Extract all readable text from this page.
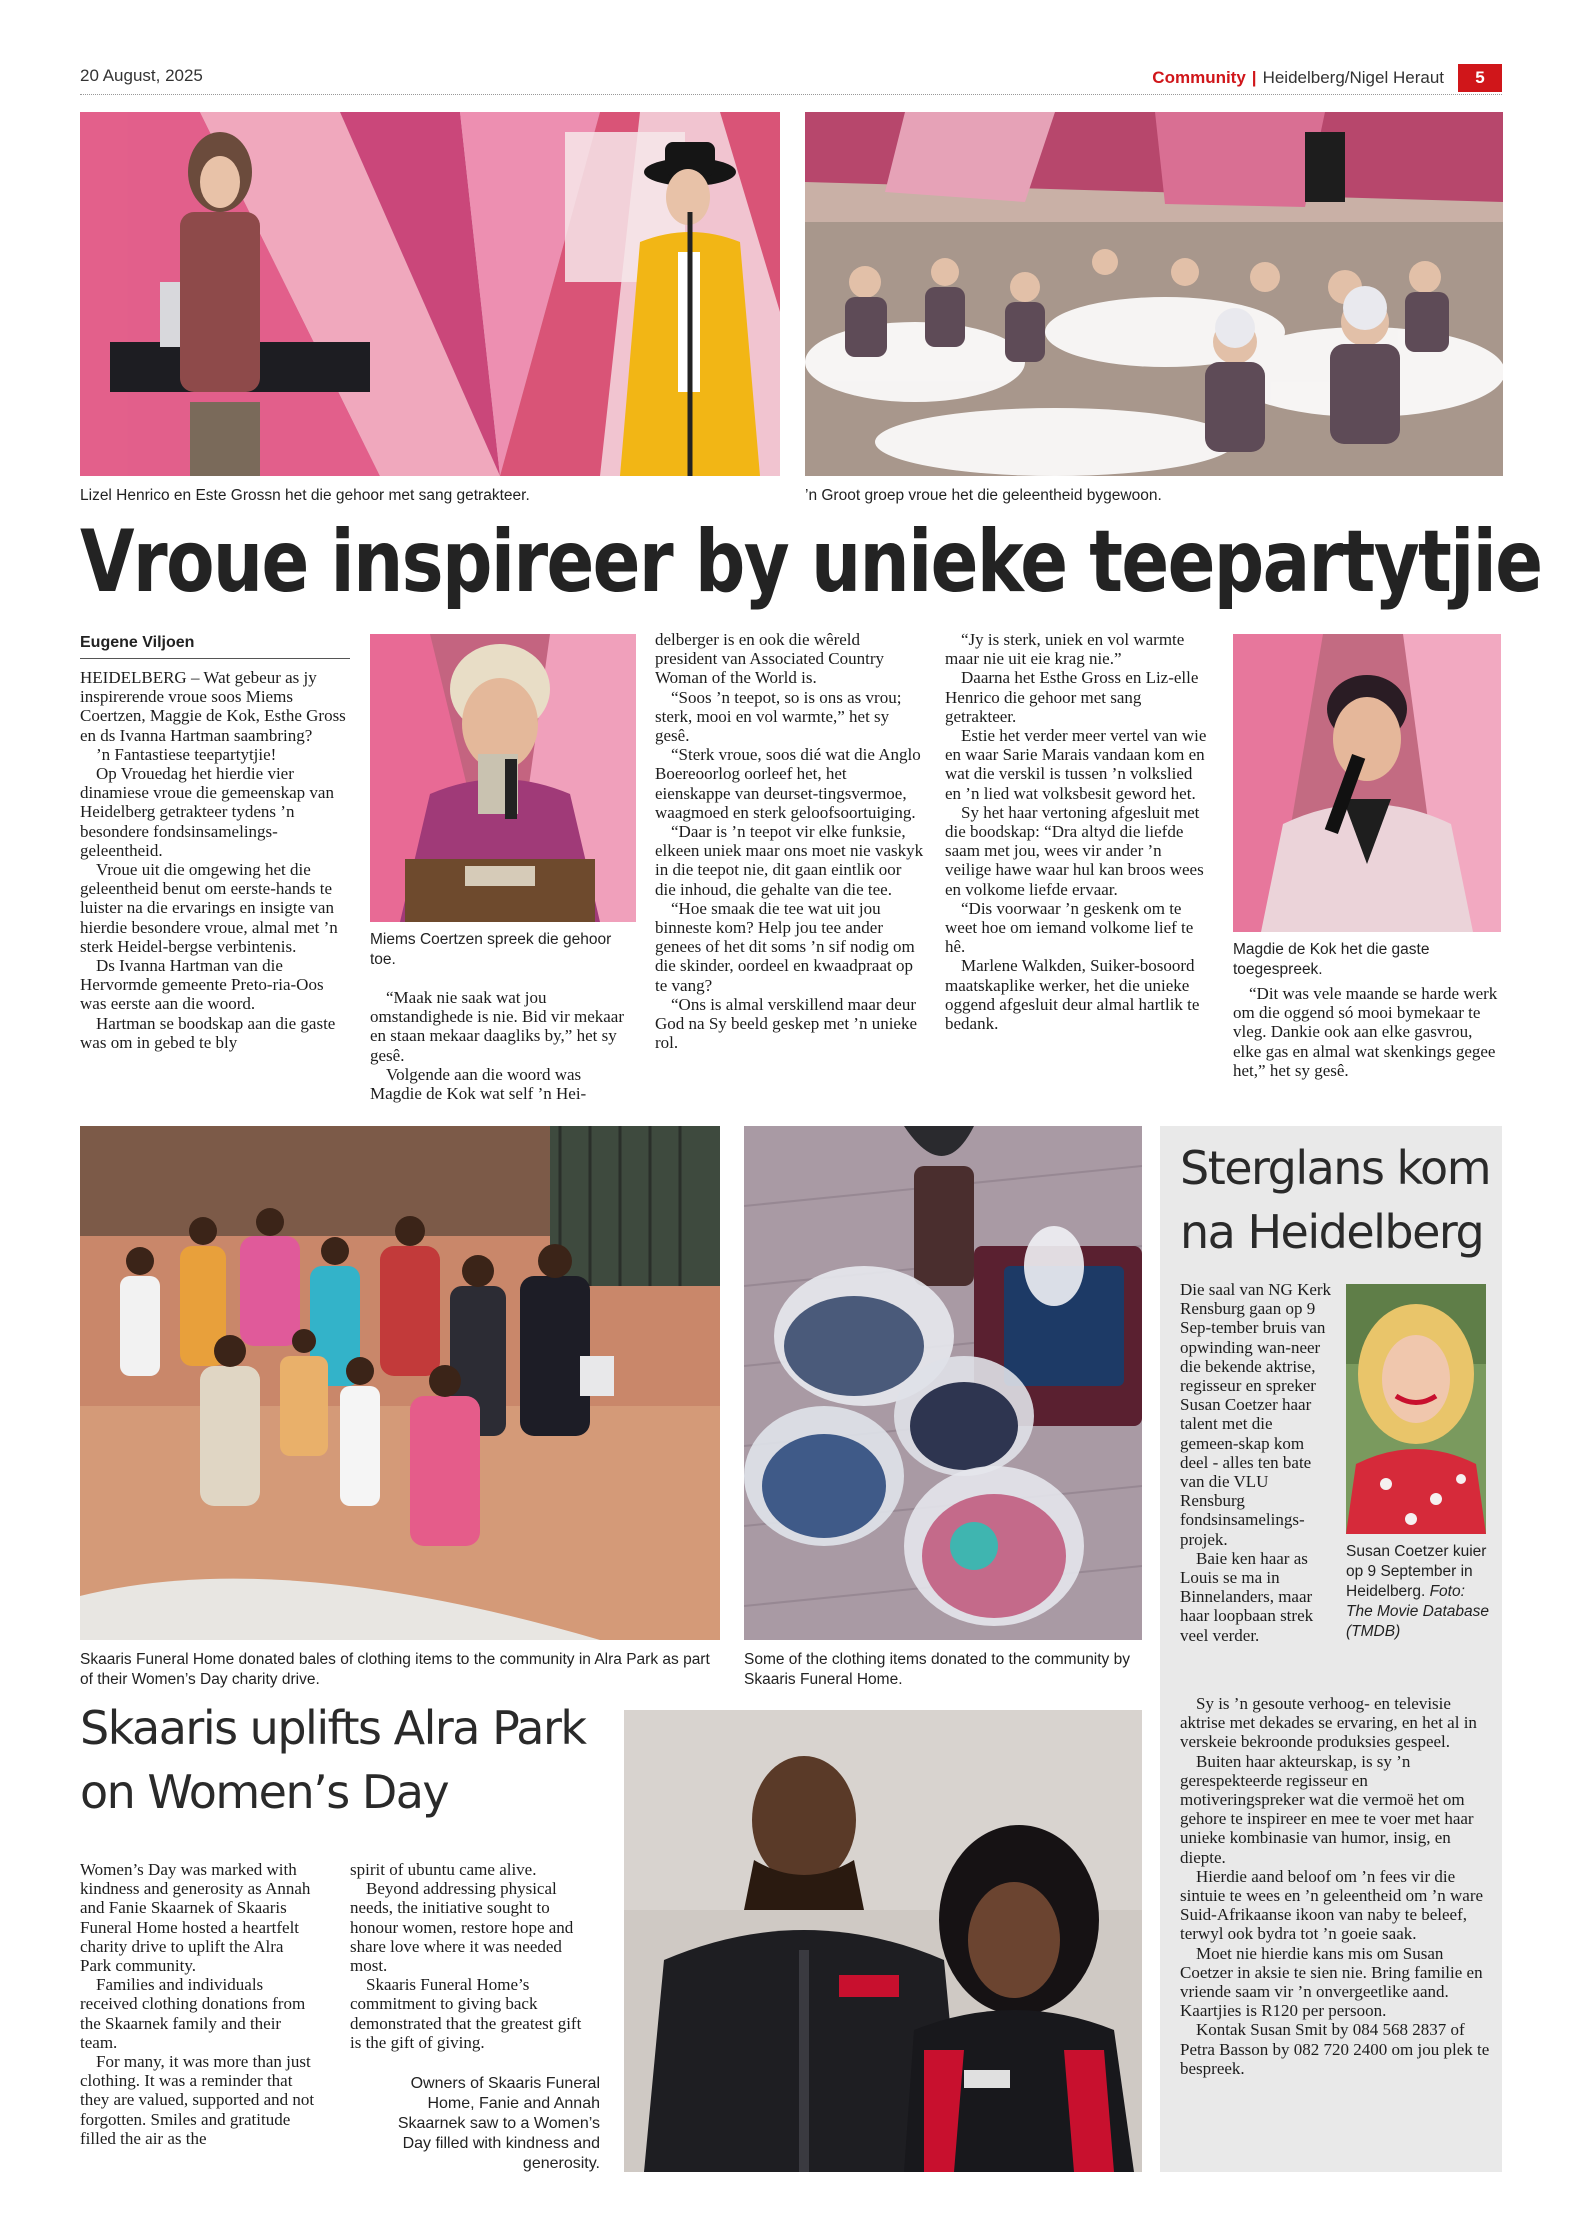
20 August, 2025	Community | Heidelberg/Nigel Heraut	5
Lizel Henrico en Este Grossn het die gehoor met sang getrakteer.	’n Groot groep vroue het die geleentheid bygewoon.
Vroue inspireer by unieke teepartytjie
Eugene Viljoen

HEIDELBERG – Wat gebeur as jy inspirerende vroue soos Miems Coertzen, Maggie de Kok, Esthe Gross en ds Ivanna Hartman saambring?

’n Fantastiese teepartytjie!

Op Vrouedag het hierdie vier dinamiese vroue die gemeenskap van Heidelberg getrakteer tydens ’n besondere fondsinsamelings-geleentheid.

Vroue uit die omgewing het die geleentheid benut om eerste-hands te luister na die ervarings en insigte van hierdie besondere vroue, almal met ’n sterk Heidel-bergse verbintenis.

Ds Ivanna Hartman van die Hervormde gemeente Preto-ria-Oos was eerste aan die woord.

Hartman se boodskap aan die gaste was om in gebed te bly

Miems Coertzen spreek die gehoor toe.

“Maak nie saak wat jou omstandighede is nie. Bid vir mekaar en staan mekaar daagliks by,” het sy gesê.

Volgende aan die woord was Magdie de Kok wat self ’n Hei-

delberger is en ook die wêreld president van Associated Country Woman of the World is.

“Soos ’n teepot, so is ons as vrou; sterk, mooi en vol warmte,” het sy gesê.

“Sterk vroue, soos dié wat die Anglo Boereoorlog oorleef het, het eienskappe van deurset-tingsvermoe, waagmoed en sterk geloofsoortuiging.

“Daar is ’n teepot vir elke funksie, elkeen uniek maar ons moet nie vaskyk in die teepot nie, dit gaan eintlik oor die inhoud, die gehalte van die tee.

“Hoe smaak die tee wat uit jou binneste kom? Help jou tee ander genees of het dit soms ’n sif nodig om die skinder, oordeel en kwaadpraat op te vang?

“Ons is almal verskillend maar deur God na Sy beeld geskep met ’n unieke rol.

“Jy is sterk, uniek en vol warmte maar nie uit eie krag nie.”

Daarna het Esthe Gross en Liz-elle Henrico die gehoor met sang getrakteer.

Estie het verder meer vertel van wie en waar Sarie Marais vandaan kom en wat die verskil is tussen ’n volkslied en ’n lied wat volksbesit geword het.

Sy het haar vertoning afgesluit met die boodskap: “Dra altyd die liefde saam met jou, wees vir ander ’n veilige hawe waar hul kan broos wees en volkome liefde ervaar.

“Dis voorwaar ’n geskenk om te weet hoe om iemand volkome lief te hê.

Marlene Walkden, Suiker-bosoord maatskaplike werker, het die unieke oggend afgesluit deur almal hartlik te bedank.

Magdie de Kok het die gaste toegespreek.

“Dit was vele maande se harde werk om die oggend só mooi bymekaar te vleg. Dankie ook aan elke gasvrou, elke gas en almal wat skenkings gegee het,” het sy gesê.

Skaaris Funeral Home donated bales of clothing items to the community in Alra Park as part of their Women’s Day charity drive.
Some of the clothing items donated to the community by Skaaris Funeral Home.
Sterglans kom na Heidelberg

Die saal van NG Kerk Rensburg gaan op 9 Sep-tember bruis van opwinding wan-neer die bekende aktrise, regisseur en spreker Susan Coetzer haar talent met die gemeen-skap kom deel - alles ten bate van die VLU Rensburg fondsinsamelings-projek.

Baie ken haar as Louis se ma in Binnelanders, maar haar loopbaan strek veel verder.

Susan Coetzer kuier op 9 September in Heidelberg. Foto: The Movie Database (TMDB)

Sy is ’n gesoute verhoog- en televisie aktrise met dekades se ervaring, en het al in verskeie bekroonde produksies gespeel.

Buiten haar akteurskap, is sy ’n gerespekteerde regisseur en motiveringspreker wat die vermoë het om gehore te inspireer en mee te voer met haar unieke kombinasie van humor, insig, en diepte.

Hierdie aand beloof om ’n fees vir die sintuie te wees en ’n geleentheid om ’n ware Suid-Afrikaanse ikoon van naby te beleef, terwyl ook bydra tot ’n goeie saak.

Moet nie hierdie kans mis om Susan Coetzer in aksie te sien nie. Bring familie en vriende saam vir ’n onvergeetlike aand. Kaartjies is R120 per persoon.

Kontak Susan Smit by 084 568 2837 of Petra Basson by 082 720 2400 om jou plek te bespreek.

Skaaris uplifts Alra Park on Women’s Day

Women’s Day was marked with kindness and generosity as Annah and Fanie Skaarnek of Skaaris Funeral Home hosted a heartfelt charity drive to uplift the Alra Park community.

Families and individuals received clothing donations from the Skaarnek family and their team.

For many, it was more than just clothing. It was a reminder that they are valued, supported and not forgotten. Smiles and gratitude filled the air as the

spirit of ubuntu came alive.

Beyond addressing physical needs, the initiative sought to honour women, restore hope and share love where it was needed most.

Skaaris Funeral Home’s commitment to giving back demonstrated that the greatest gift is the gift of giving.

Owners of Skaaris Funeral Home, Fanie and Annah Skaarnek saw to a Women’s Day filled with kindness and generosity.
